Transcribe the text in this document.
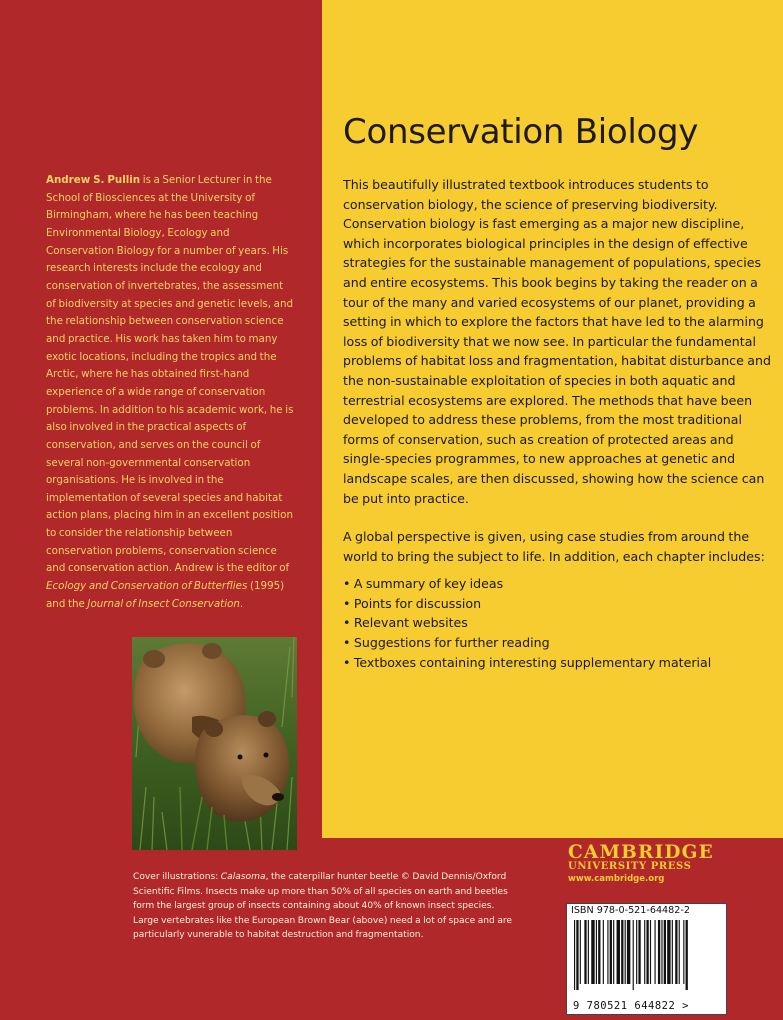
Conservation Biology

This beautifully illustrated textbook introduces students to conservation biology, the science of preserving biodiversity. Conservation biology is fast emerging as a major new discipline, which incorporates biological principles in the design of effective strategies for the sustainable management of populations, species and entire ecosystems. This book begins by taking the reader on a tour of the many and varied ecosystems of our planet, providing a setting in which to explore the factors that have led to the alarming loss of biodiversity that we now see. In particular the fundamental problems of habitat loss and fragmentation, habitat disturbance and the non-sustainable exploitation of species in both aquatic and terrestrial ecosystems are explored. The methods that have been developed to address these problems, from the most traditional forms of conservation, such as creation of protected areas and single-species programmes, to new approaches at genetic and landscape scales, are then discussed, showing how the science can be put into practice.

A global perspective is given, using case studies from around the world to bring the subject to life. In addition, each chapter includes:

• A summary of key ideas
• Points for discussion
• Relevant websites
• Suggestions for further reading
• Textboxes containing interesting supplementary material
Andrew S. Pullin is a Senior Lecturer in the School of Biosciences at the University of Birmingham, where he has been teaching Environmental Biology, Ecology and Conservation Biology for a number of years. His research interests include the ecology and conservation of invertebrates, the assessment of biodiversity at species and genetic levels, and the relationship between conservation science and practice. His work has taken him to many exotic locations, including the tropics and the Arctic, where he has obtained first-hand experience of a wide range of conservation problems. In addition to his academic work, he is also involved in the practical aspects of conservation, and serves on the council of several non-governmental conservation organisations. He is involved in the implementation of several species and habitat action plans, placing him in an excellent position to consider the relationship between conservation problems, conservation science and conservation action. Andrew is the editor of Ecology and Conservation of Butterflies (1995) and the Journal of Insect Conservation.
Cover illustrations: Calasoma, the caterpillar hunter beetle © David Dennis/Oxford Scientific Films. Insects make up more than 50% of all species on earth and beetles form the largest group of insects containing about 40% of known insect species. Large vertebrates like the European Brown Bear (above) need a lot of space and are particularly vunerable to habitat destruction and fragmentation.
CAMBRIDGE
UNIVERSITY PRESS
www.cambridge.org
ISBN 978-0-521-64482-2
9 780521 644822 >
